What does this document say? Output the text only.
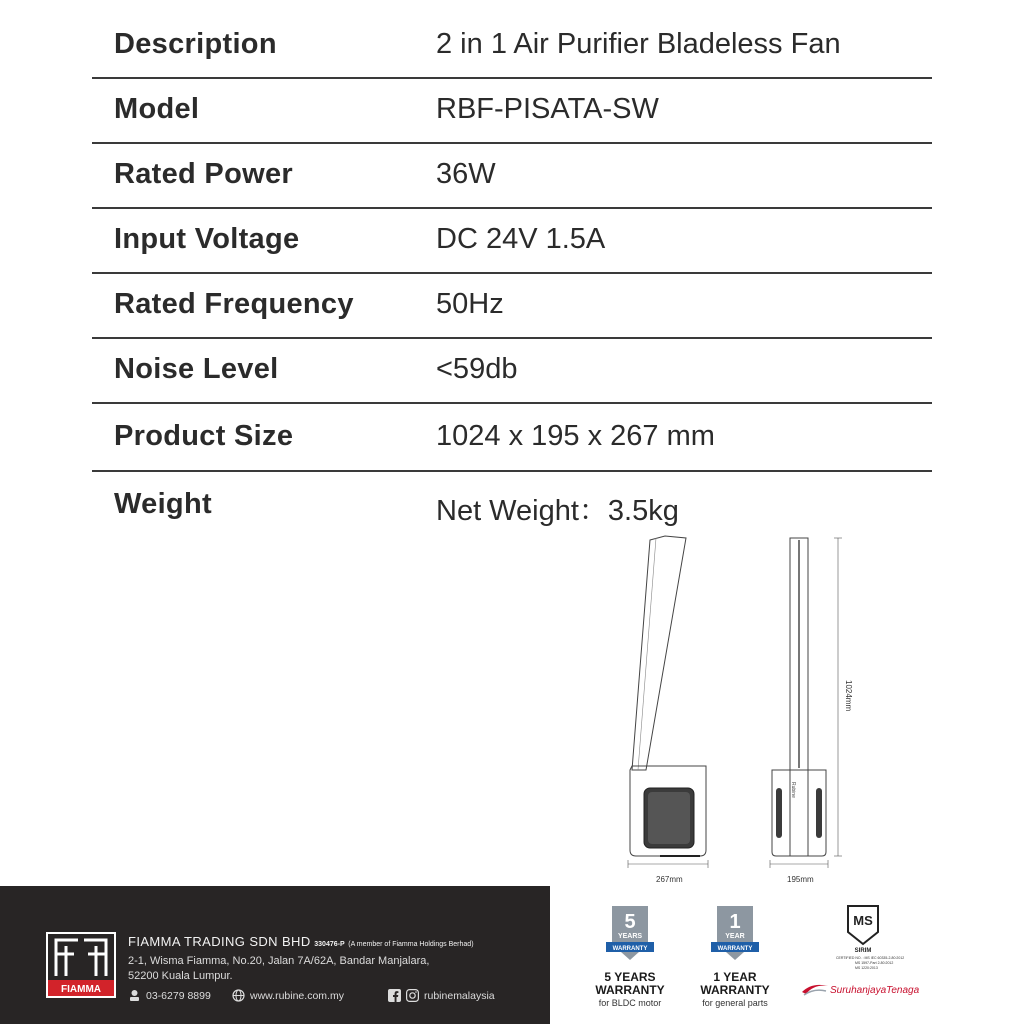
Description	2 in 1 Air Purifier Bladeless Fan
Model	RBF-PISATA-SW
Rated Power	36W
Input Voltage	DC 24V 1.5A
Rated Frequency	50Hz
Noise Level	<59db
Product Size	1024 x 195 x 267 mm
Weight	Net Weight：3.5kg
267mm	195mm
1024mm
Rubine
FIAMMA
FIAMMA TRADING SDN BHD 330476-P (A member of Fiamma Holdings Berhad)
2-1, Wisma Fiamma, No.20, Jalan 7A/62A, Bandar Manjalara,
52200 Kuala Lumpur.
03-6279 8899	www.rubine.com.my	rubinemalaysia
5
YEARS
WARRANTY
5 YEARS
WARRANTY
for BLDC motor
1
YEAR
WARRANTY
1 YEAR
WARRANTY
for general parts
MS
SIRIM
CERTIFIED NO. : MS IEC 60335-2-80:2012
MS 1597-Part 2-80:2012
MS 1220:2013
SuruhanjayaTenaga
